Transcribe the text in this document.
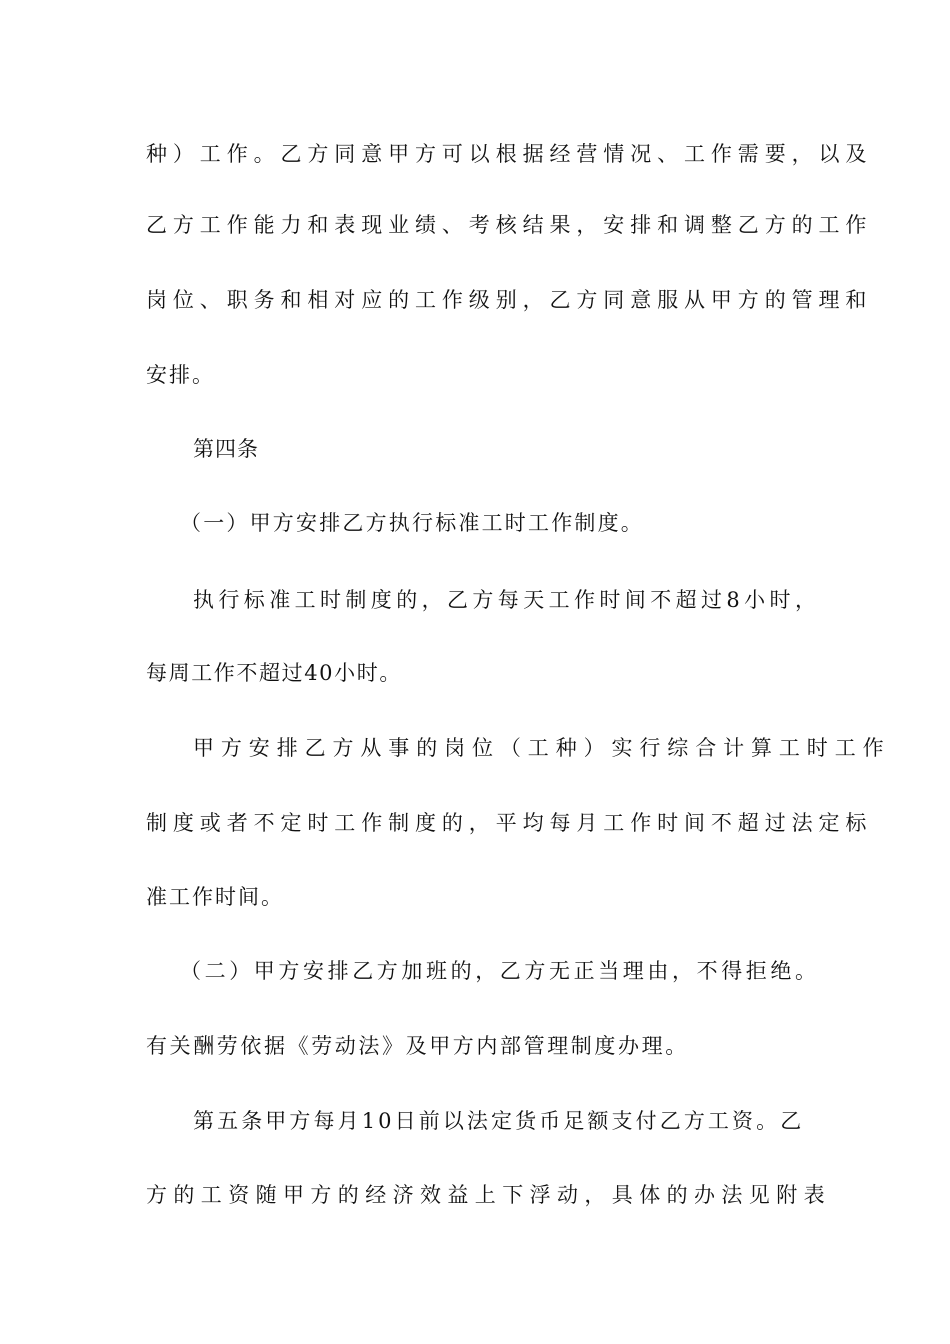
种）工作。乙方同意甲方可以根据经营情况、工作需要，以及
乙方工作能力和表现业绩、考核结果，安排和调整乙方的工作
岗位、职务和相对应的工作级别，乙方同意服从甲方的管理和
安排。
第四条
（一）甲方安排乙方执行标准工时工作制度。
执行标准工时制度的，乙方每天工作时间不超过8小时，
每周工作不超过40小时。
甲方安排乙方从事的岗位（工种）实行综合计算工时工作
制度或者不定时工作制度的，平均每月工作时间不超过法定标
准工作时间。
（二）甲方安排乙方加班的，乙方无正当理由，不得拒绝。
有关酬劳依据《劳动法》及甲方内部管理制度办理。
第五条甲方每月10日前以法定货币足额支付乙方工资。乙
方的工资随甲方的经济效益上下浮动，具体的办法见附表
